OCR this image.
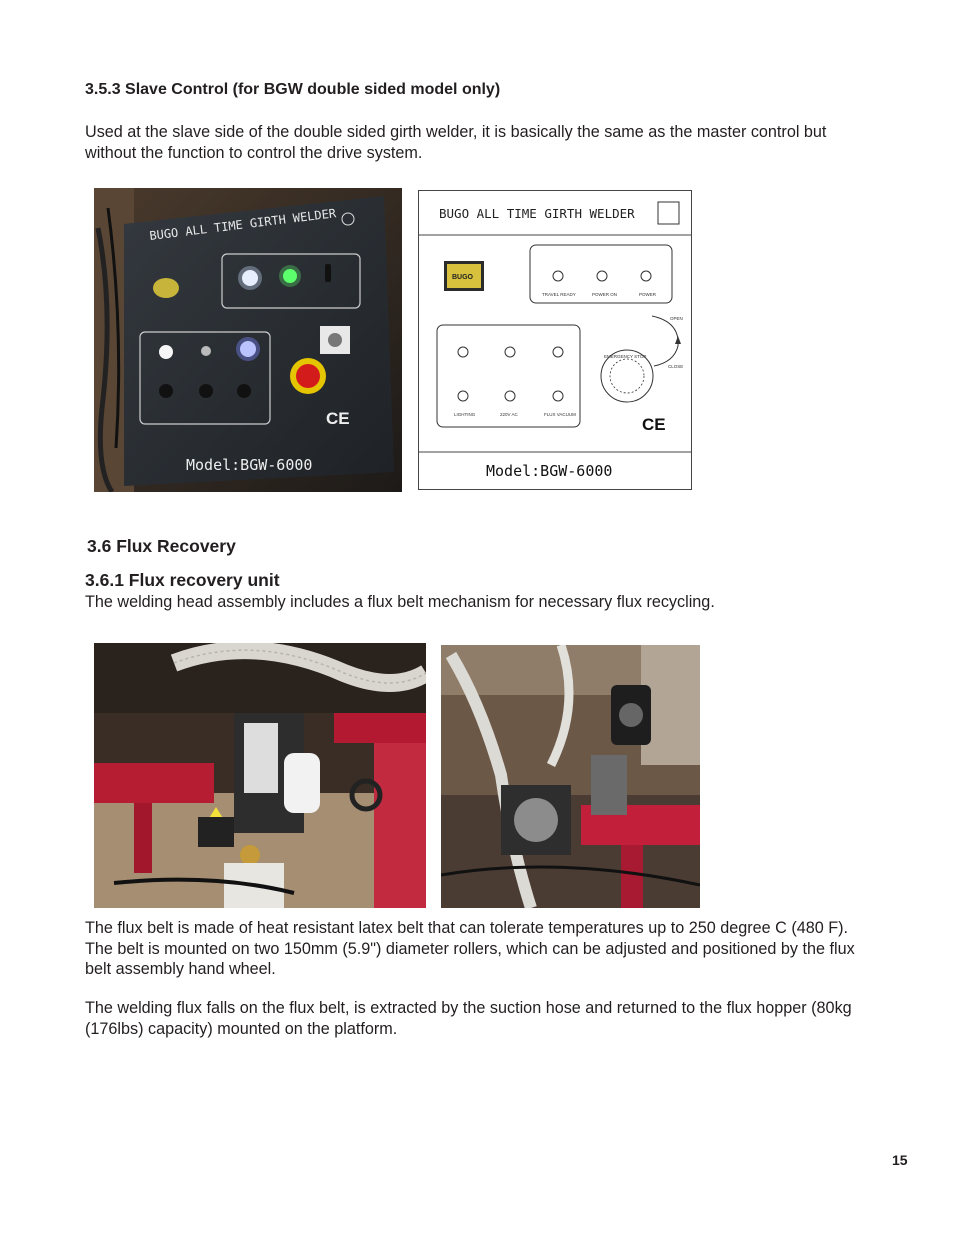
3.5.3 Slave Control (for BGW double sided model only)
Used at the slave side of the double sided girth welder, it is basically the same as the master control but
without the function to control the drive system.
BUGO ALL TIME GIRTH WELDER
CE
Model:BGW-6000
BUGO ALL TIME GIRTH WELDER
BUGO
TRAVEL READY	POWER ON	POWER
LIGHTING	220V AC	FLUX VACUUM
OPEN
CLOSE
EMERGENCY STOP
CE
Model:BGW-6000
3.6 Flux Recovery
3.6.1 Flux recovery unit
The welding head assembly includes a flux belt mechanism for necessary flux recycling.
The flux belt is made of heat resistant latex belt that can tolerate temperatures up to 250 degree C (480 F).
The belt is mounted on two 150mm (5.9") diameter rollers, which can be adjusted and positioned by the flux
belt assembly hand wheel.
The welding flux falls on the flux belt, is extracted by the suction hose and returned to the flux hopper (80kg
(176lbs) capacity) mounted on the platform.
15
